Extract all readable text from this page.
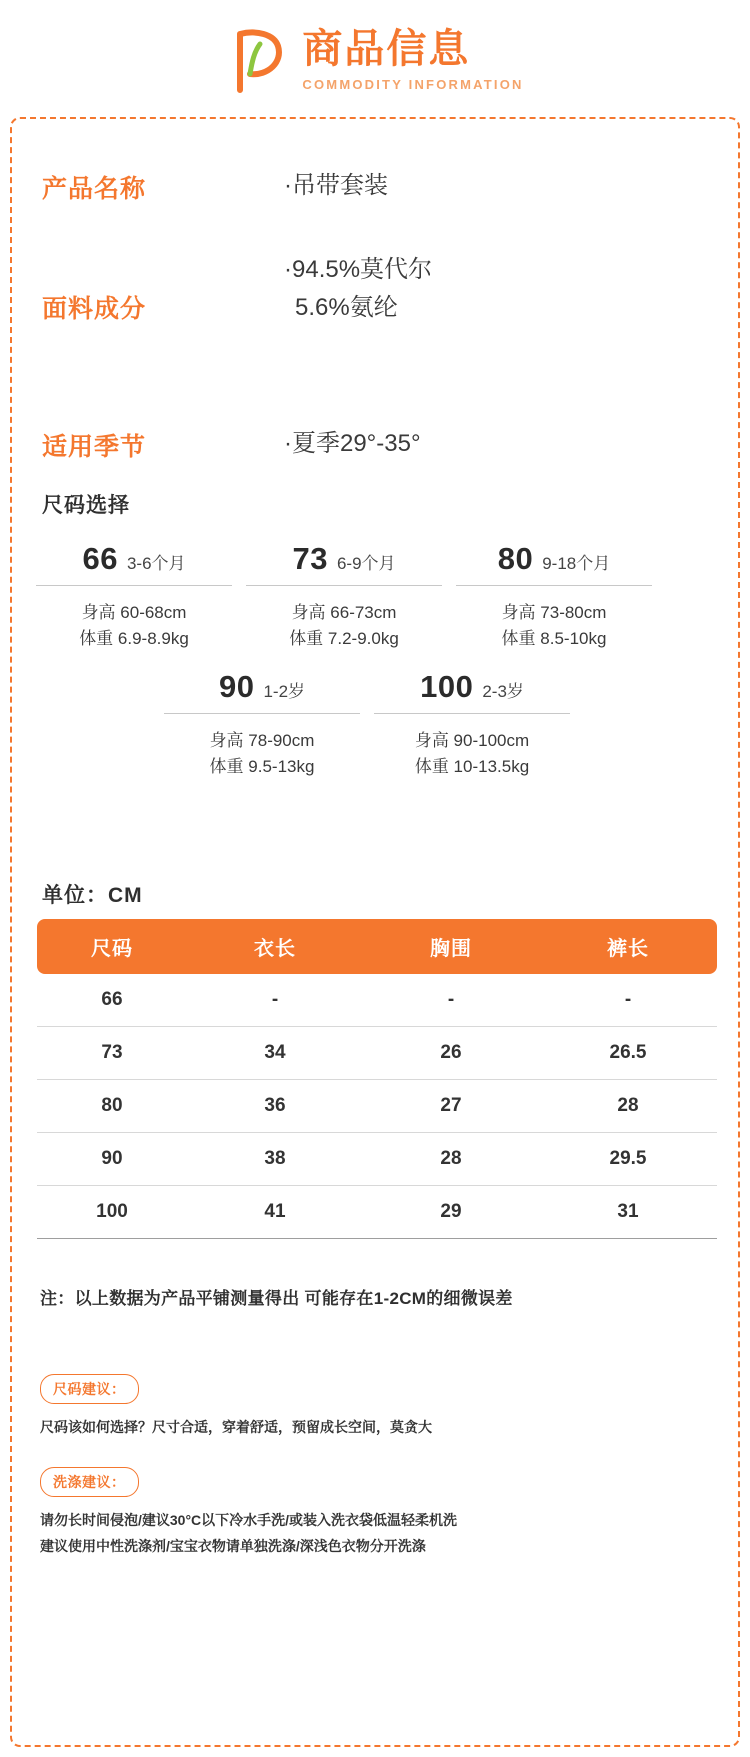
商品信息
COMMODITY INFORMATION
产品名称	·吊带套装
面料成分
·94.5%莫代尔
5.6%氨纶
适用季节	·夏季29°-35°
尺码选择
66 3-6个月
身高 60-68cm
体重 6.9-8.9kg
73 6-9个月
身高 66-73cm
体重 7.2-9.0kg
80 9-18个月
身高 73-80cm
体重 8.5-10kg
90 1-2岁
身高 78-90cm
体重 9.5-13kg
100 2-3岁
身高 90-100cm
体重 10-13.5kg
单位：CM
尺码	衣长	胸围	裤长
66	-	-	-
73	34	26	26.5
80	36	27	28
90	38	28	29.5
100	41	29	31
注：以上数据为产品平铺测量得出 可能存在1-2CM的细微误差
尺码建议：
尺码该如何选择？尺寸合适，穿着舒适，预留成长空间，莫贪大
洗涤建议：
请勿长时间侵泡/建议30°C以下冷水手洗/或装入洗衣袋低温轻柔机洗
建议使用中性洗涤剂/宝宝衣物请单独洗涤/深浅色衣物分开洗涤
